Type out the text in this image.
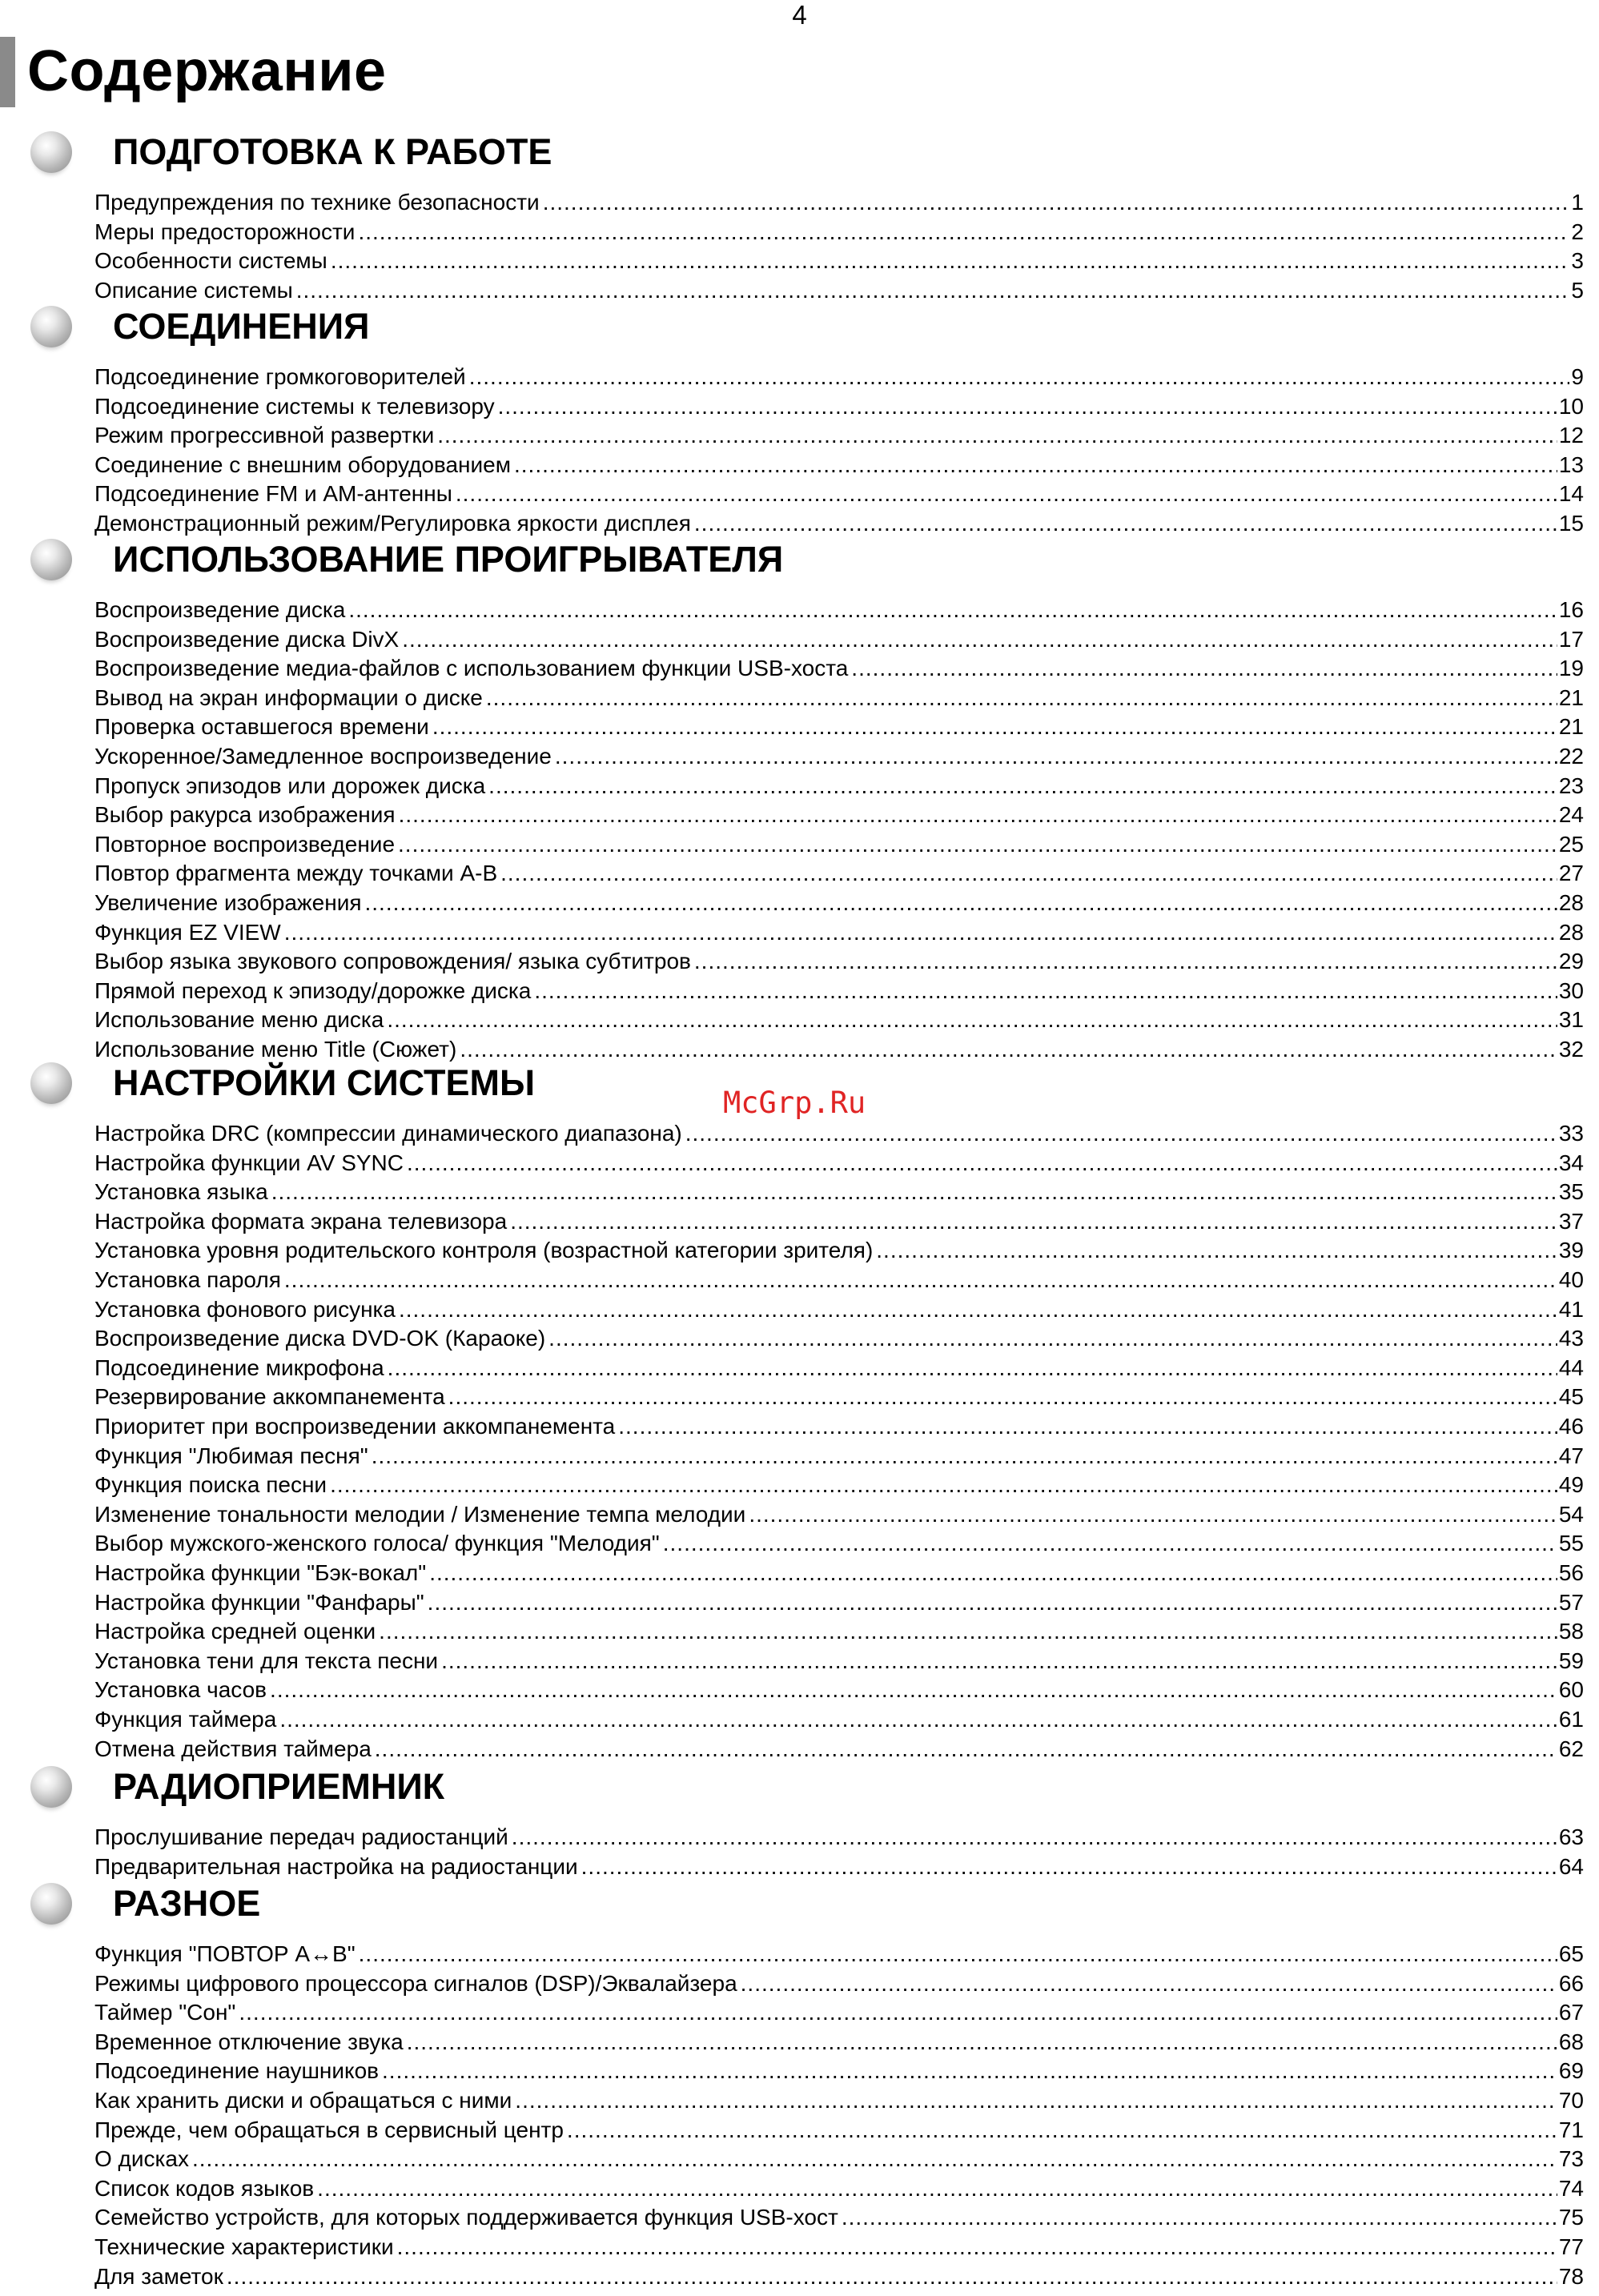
4
Содержание
ПОДГОТОВКА К РАБОТЕ
Предупреждения по технике безопасности .....	1
Меры предосторожности .....	2
Особенности системы .....	3
Описание системы .....	5
СОЕДИНЕНИЯ
Подсоединение громкоговорителей .....	9
Подсоединение системы к телевизору .....	10
Режим прогрессивной развертки .....	12
Соединение с внешним оборудованием .....	13
Подсоединение FM и AM-антенны .....	14
Демонстрационный режим/Регулировка яркости дисплея .....	15
ИСПОЛЬЗОВАНИЕ ПРОИГРЫВАТЕЛЯ
Воспроизведение диска .....	16
Воспроизведение диска DivX .....	17
Воспроизведение медиа-файлов с использованием функции USB-хоста .....	19
Вывод на экран информации о диске .....	21
Проверка оставшегося времени .....	21
Ускоренное/Замедленное воспроизведение .....	22
Пропуск эпизодов или дорожек диска .....	23
Выбор ракурса изображения .....	24
Повторное воспроизведение .....	25
Повтор фрагмента между точками A-B .....	27
Увеличение изображения .....	28
Функция EZ VIEW .....	28
Выбор языка звукового сопровождения/ языка субтитров .....	29
Прямой переход к эпизоду/дорожке диска .....	30
Использование меню диска .....	31
Использование меню Title (Сюжет) .....	32
НАСТРОЙКИ СИСТЕМЫ
Настройка DRC (компрессии динамического диапазона) .....	33
Настройка функции AV SYNC .....	34
Установка языка .....	35
Настройка формата экрана телевизора .....	37
Установка уровня родительского контроля (возрастной категории зрителя) .....	39
Установка пароля .....	40
Установка фонового рисунка .....	41
Воспроизведение диска DVD-OK (Караоке) .....	43
Подсоединение микрофона .....	44
Резервирование аккомпанемента .....	45
Приоритет при воспроизведении аккомпанемента .....	46
Функция "Любимая песня" .....	47
Функция поиска песни .....	49
Изменение тональности мелодии / Изменение темпа мелодии .....	54
Выбор мужского-женского голоса/ функция "Мелодия" .....	55
Настройка функции "Бэк-вокал" .....	56
Настройка функции "Фанфары" .....	57
Настройка средней оценки .....	58
Установка тени для текста песни .....	59
Установка часов .....	60
Функция таймера .....	61
Отмена действия таймера .....	62
РАДИОПРИЕМНИК
Прослушивание передач радиостанций .....	63
Предварительная настройка на радиостанции .....	64
РАЗНОЕ
Функция "ПОВТОР A↔B" .....	65
Режимы цифрового процессора сигналов (DSP)/Эквалайзера .....	66
Таймер "Сон" .....	67
Временное отключение звука .....	68
Подсоединение наушников .....	69
Как хранить диски и обращаться с ними .....	70
Прежде, чем обращаться в сервисный центр .....	71
О дисках .....	73
Список кодов языков .....	74
Семейство устройств, для которых поддерживается функция USB-хост .....	75
Технические характеристики .....	77
Для заметок .....	78
McGrp.Ru
